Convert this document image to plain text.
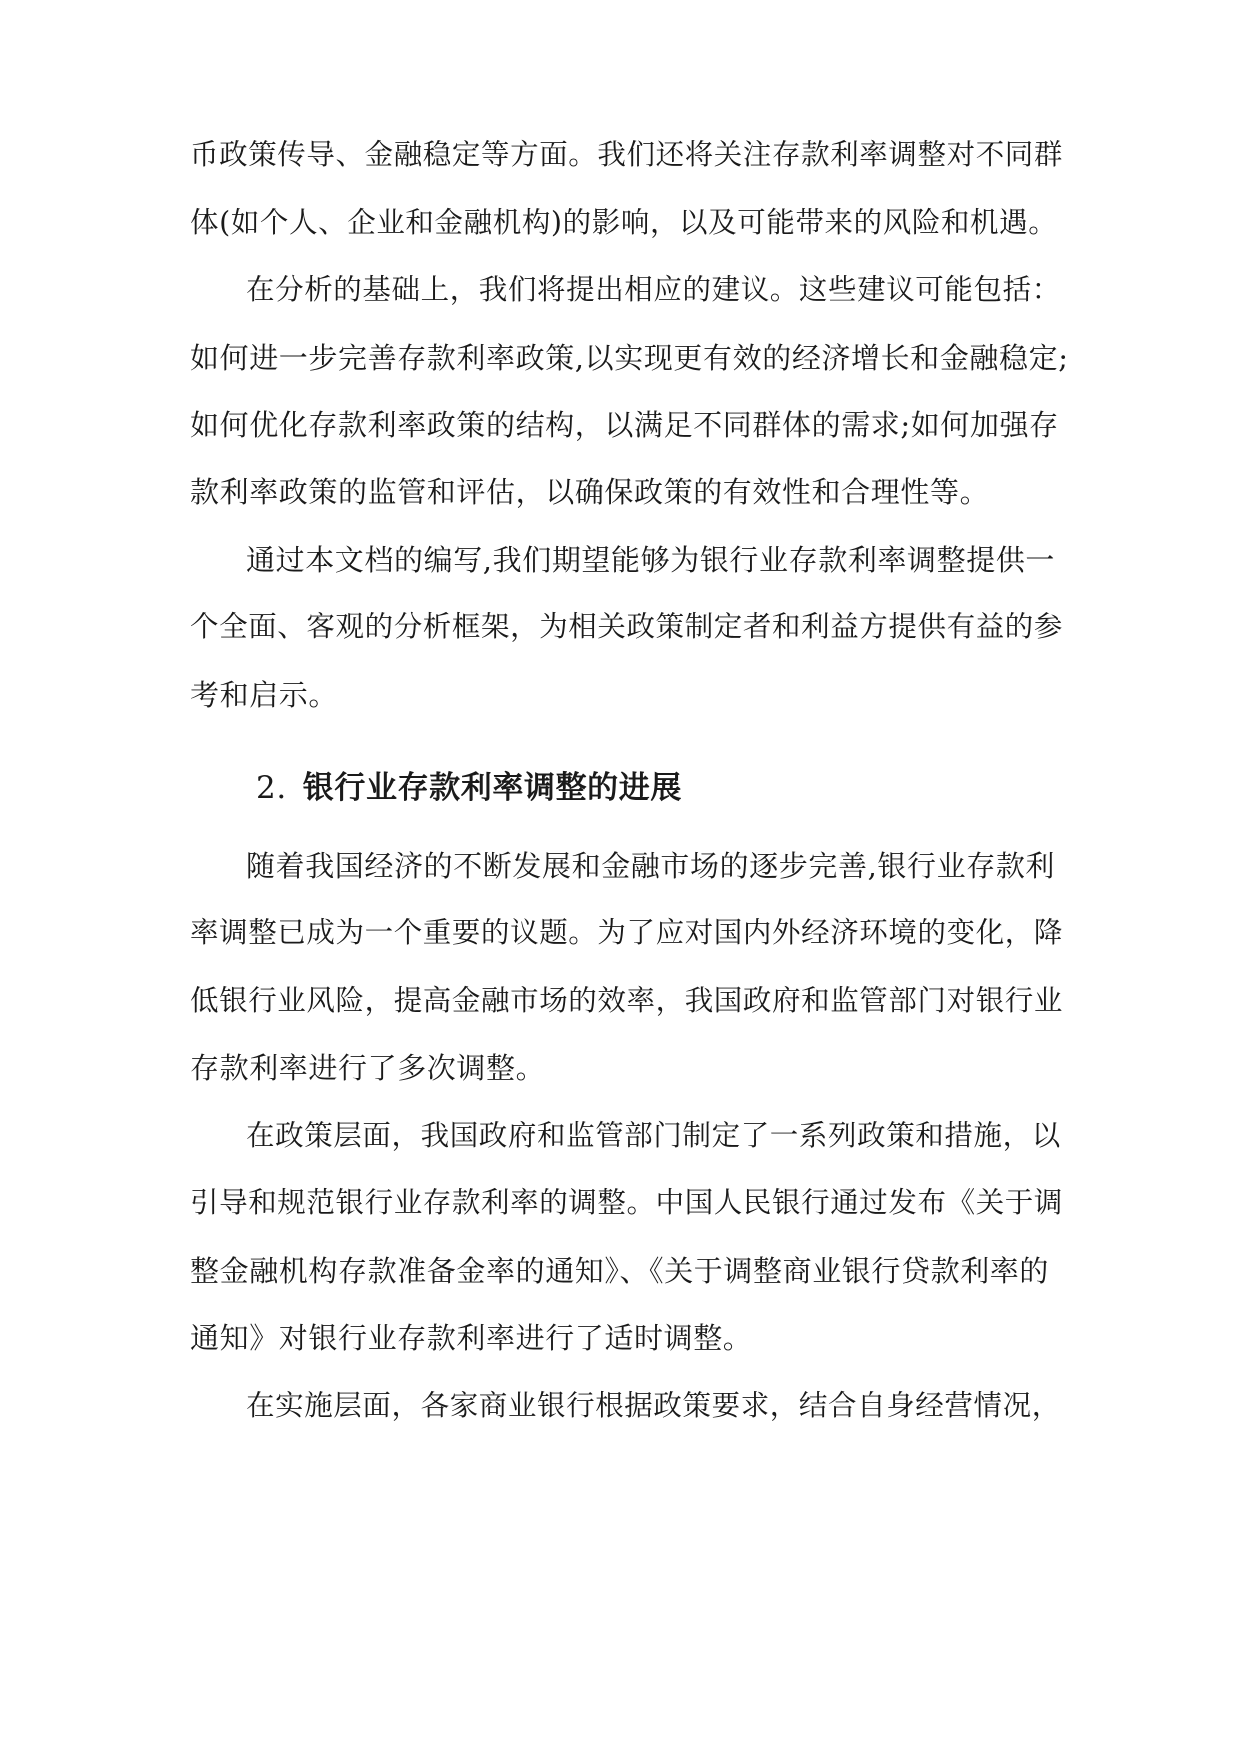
币政策传导、金融稳定等方面。我们还将关注存款利率调整对不同群
体(如个人、企业和金融机构)的影响，以及可能带来的风险和机遇。
在分析的基础上，我们将提出相应的建议。这些建议可能包括：
如何进一步完善存款利率政策,以实现更有效的经济增长和金融稳定;
如何优化存款利率政策的结构，以满足不同群体的需求;如何加强存
款利率政策的监管和评估，以确保政策的有效性和合理性等。
通过本文档的编写,我们期望能够为银行业存款利率调整提供一
个全面、客观的分析框架，为相关政策制定者和利益方提供有益的参
考和启示。
2. 银行业存款利率调整的进展
随着我国经济的不断发展和金融市场的逐步完善,银行业存款利
率调整已成为一个重要的议题。为了应对国内外经济环境的变化，降
低银行业风险，提高金融市场的效率，我国政府和监管部门对银行业
存款利率进行了多次调整。
在政策层面，我国政府和监管部门制定了一系列政策和措施，以
引导和规范银行业存款利率的调整。中国人民银行通过发布《关于调
整金融机构存款准备金率的通知》、《关于调整商业银行贷款利率的
通知》对银行业存款利率进行了适时调整。
在实施层面，各家商业银行根据政策要求，结合自身经营情况，
